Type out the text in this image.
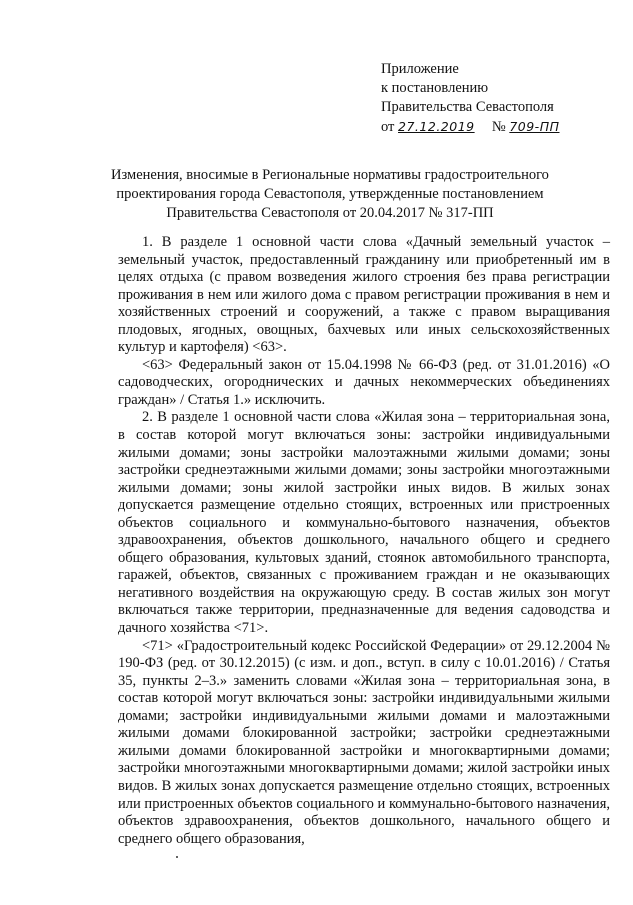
Приложение
к постановлению
Правительства Севастополя
от 27.12.2019 № 709-ПП
Изменения, вносимые в Региональные нормативы градостроительного
проектирования города Севастополя, утвержденные постановлением
Правительства Севастополя от 20.04.2017 № 317-ПП

1. В разделе 1 основной части слова «Дачный земельный участок – земельный участок, предоставленный гражданину или приобретенный им в целях отдыха (с правом возведения жилого строения без права регистрации проживания в нем или жилого дома с правом регистрации проживания в нем и хозяйственных строений и сооружений, а также с правом выращивания плодовых, ягодных, овощных, бахчевых или иных сельскохозяйственных культур и картофеля) <63>.

<63> Федеральный закон от 15.04.1998 № 66-ФЗ (ред. от 31.01.2016) «О садоводческих, огороднических и дачных некоммерческих объединениях граждан» / Статья 1.» исключить.

2. В разделе 1 основной части слова «Жилая зона – территориальная зона, в состав которой могут включаться зоны: застройки индивидуальными жилыми домами; зоны застройки малоэтажными жилыми домами; зоны застройки среднеэтажными жилыми домами; зоны застройки многоэтажными жилыми домами; зоны жилой застройки иных видов. В жилых зонах допускается размещение отдельно стоящих, встроенных или пристроенных объектов социального и коммунально-бытового назначения, объектов здравоохранения, объектов дошкольного, начального общего и среднего общего образования, культовых зданий, стоянок автомобильного транспорта, гаражей, объектов, связанных с проживанием граждан и не оказывающих негативного воздействия на окружающую среду. В состав жилых зон могут включаться также территории, предназначенные для ведения садоводства и дачного хозяйства <71>.

<71> «Градостроительный кодекс Российской Федерации» от 29.12.2004 № 190-ФЗ (ред. от 30.12.2015) (с изм. и доп., вступ. в силу с 10.01.2016) / Статья 35, пункты 2–3.» заменить словами «Жилая зона – территориальная зона, в состав которой могут включаться зоны: застройки индивидуальными жилыми домами; застройки индивидуальными жилыми домами и малоэтажными жилыми домами блокированной застройки; застройки среднеэтажными жилыми домами блокированной застройки и многоквартирными домами; застройки многоэтажными многоквартирными домами; жилой застройки иных видов. В жилых зонах допускается размещение отдельно стоящих, встроенных или пристроенных объектов социального и коммунально-бытового назначения, объектов здравоохранения, объектов дошкольного, начального общего и среднего общего образования,
